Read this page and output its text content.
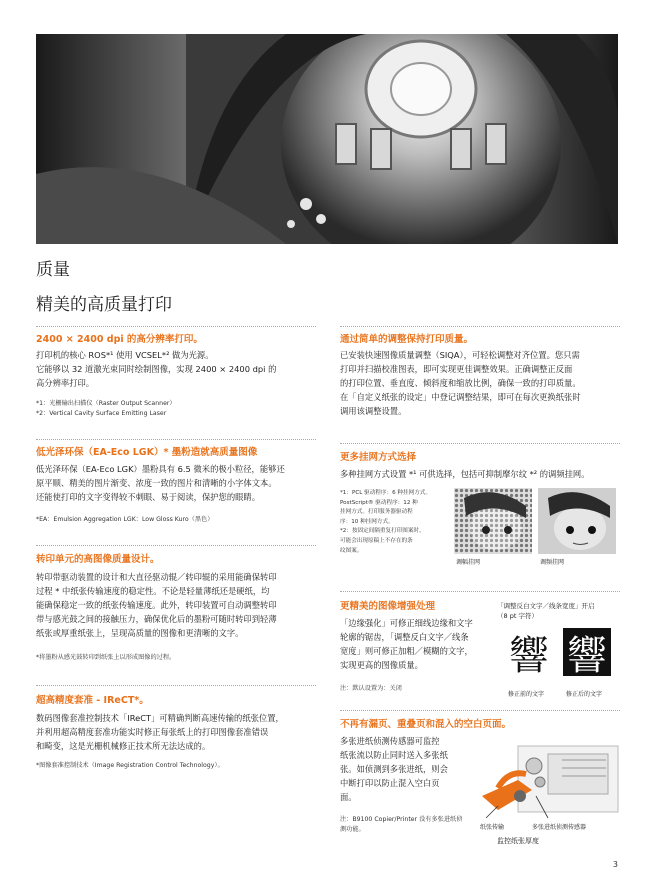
质量
精美的高质量打印
2400 × 2400 dpi 的高分辨率打印。

打印机的核心 ROS*¹ 使用 VCSEL*² 做为光源。

它能够以 32 道激光束同时绘制图像，实现 2400 × 2400 dpi 的

高分辨率打印。

*1：光栅输出扫描仪（Raster Output Scanner）

*2：Vertical Cavity Surface Emitting Laser

低光泽环保（EA-Eco LGK）* 墨粉造就高质量图像

低光泽环保（EA-Eco LGK）墨粉具有 6.5 微米的极小粒径，能够还

原平顺、精美的图片渐变、浓度一致的图片和清晰的小字体文本。

还能使打印的文字变得较不刺眼、易于阅读，保护您的眼睛。

*EA：Emulsion Aggregation LGK：Low Gloss Kuro（黑色）

转印单元的高图像质量设计。

转印带驱动装置的设计和大直径驱动辊／转印辊的采用能确保转印

过程 * 中纸张传输速度的稳定性。不论是轻量薄纸还是硬纸，均

能确保稳定一致的纸张传输速度。此外，转印装置可自动调整转印

带与感光鼓之间的接触压力，确保优化后的墨粉可随时转印到轻薄

纸张或厚重纸张上，呈现高质量的图像和更清晰的文字。

*将墨粉从感光鼓转印到纸张上以形成图像的过程。

超高精度套准 - IReCT*。

数码图像套准控制技术「IReCT」可精确判断高速传输的纸张位置，

并利用超高精度套准功能实时修正每张纸上的打印图像套准错误

和畸变，这是光栅机械修正技术所无法达成的。

*图像套准控制技术（Image Registration Control Technology）。

通过简单的调整保持打印质量。

已安装快速图像质量调整（SIQA），可轻松调整对齐位置。您只需

打印并扫描校准图表，即可实现更佳调整效果。正确调整正反面

的打印位置、垂直度、倾斜度和缩放比例，确保一致的打印质量。

在「自定义纸张的设定」中登记调整结果，即可在每次更换纸张时

调用该调整设置。

更多挂网方式选择

多种挂网方式设置 *¹ 可供选择，包括可抑制摩尔纹 *² 的调频挂网。

*1：PCL 驱动程序：6 种挂网方式。

PostScript® 驱动程序：12 种

挂网方式。打印服务器驱动程

序：10 种挂网方式。

*2：按固定间隔重复打印图案时，

可能会出现原稿上不存在的条

纹图案。

调幅挂网	调频挂网
更精美的图像增强处理

「边缘强化」可修正细线边缘和文字

轮廓的锯齿，「调整反白文字／线条

宽度」则可修正加粗／模糊的文字，

实现更高的图像质量。

注：默认设置为：关闭

「调整反白文字／线条宽度」开启
（8 pt 字符）
響 響
修正前的文字	修正后的文字
不再有漏页、重叠页和混入的空白页面。

多张进纸侦测传感器可监控

纸张流以防止同时送入多张纸

张。如侦测到多张进纸，则会

中断打印以防止混入空白页

面。

注：B9100 Copier/Printer 没有多张进纸侦

测功能。	纸张传输	多张进纸侦测传感器
监控纸张厚度
3
